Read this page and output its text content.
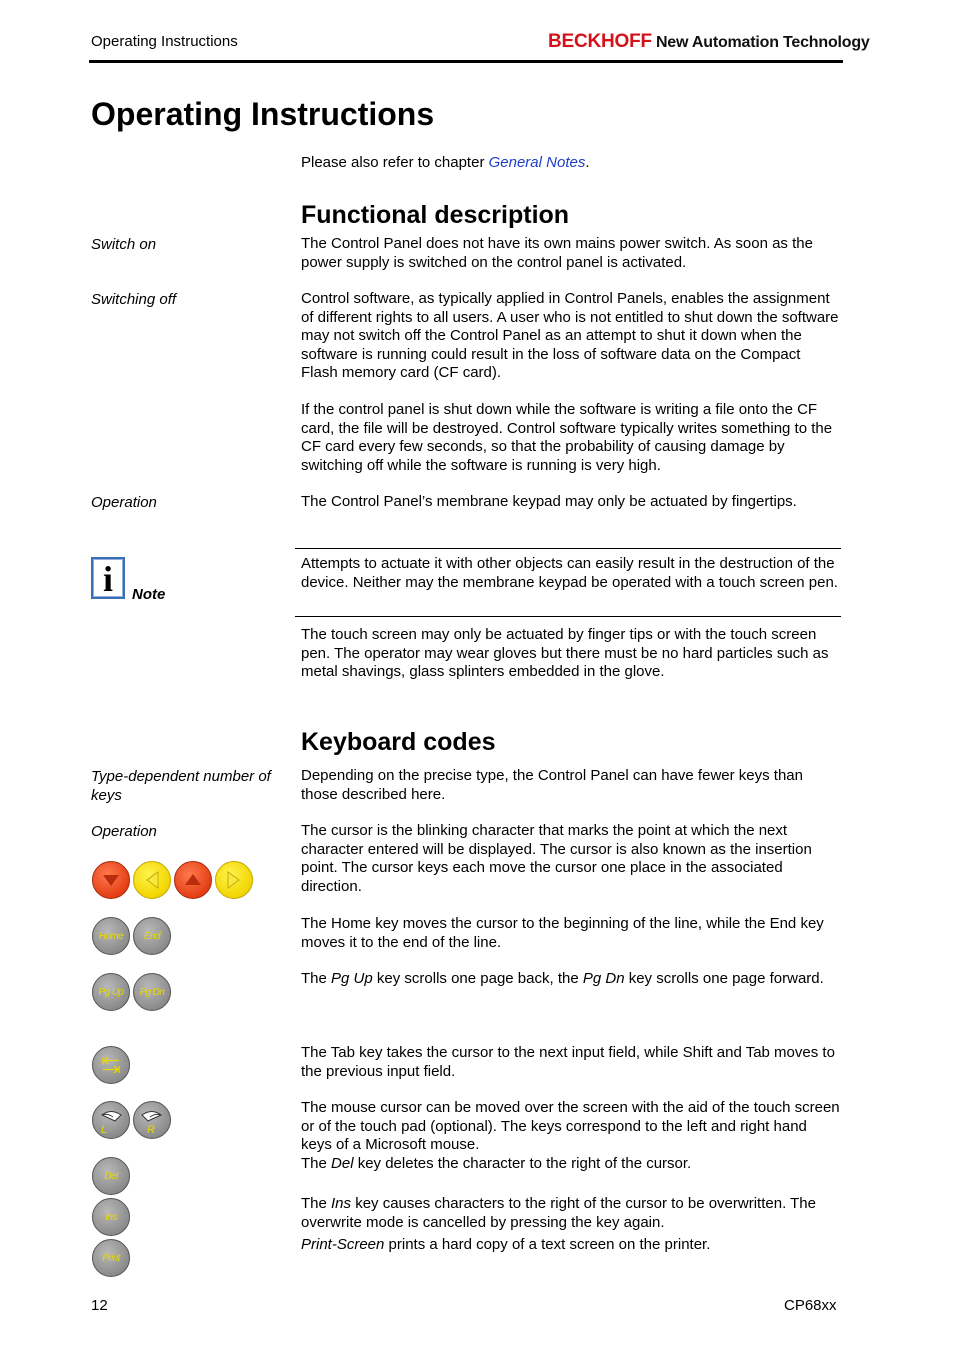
Operating Instructions	BECKHOFF New Automation Technology
Operating Instructions
Please also refer to chapter General Notes.
Functional description
Switch on	The Control Panel does not have its own mains power switch. As soon as the power supply is switched on the control panel is activated.
Switching off	Control software, as typically applied in Control Panels, enables the assignment of different rights to all users. A user who is not entitled to shut down the software may not switch off the Control Panel as an attempt to shut it down when the software is running could result in the loss of software data on the Compact Flash memory card (CF card).
If the control panel is shut down while the software is writing a file onto the CF card, the file will be destroyed. Control software typically writes something to the CF card every few seconds, so that the probability of causing damage by switching off while the software is running is very high.
Operation	The Control Panel’s membrane keypad may only be actuated by fingertips.
i	Note
Attempts to actuate it with other objects can easily result in the destruction of the device. Neither may the membrane keypad be operated with a touch screen pen.
The touch screen may only be actuated by finger tips or with the touch screen pen. The operator may wear gloves but there must be no hard particles such as metal shavings, glass splinters embedded in the glove.
Keyboard codes
Type-dependent number of keys
Depending on the precise type, the Control Panel can have fewer keys than those described here.
Operation	The cursor is the blinking character that marks the point at which the next character entered will be displayed. The cursor is also known as the insertion point. The cursor keys each move the cursor one place in the associated direction.
The Home key moves the cursor to the beginning of the line, while the End key moves it to the end of the line.
Home	End
The Pg Up key scrolls one page back, the Pg Dn key scrolls one page forward.
Pg Up	Pg Dn
The Tab key takes the cursor to the next input field, while Shift and Tab moves to the previous input field.
The mouse cursor can be moved over the screen with the aid of the touch screen or of the touch pad (optional). The keys correspond to the left and right hand keys of a Microsoft mouse.
L	R
The Del key deletes the character to the right of the cursor.
Del
The Ins key causes characters to the right of the cursor to be overwritten. The overwrite mode is cancelled by pressing the key again.
Ins
Print-Screen prints a hard copy of a text screen on the printer.
Print
12	CP68xx
